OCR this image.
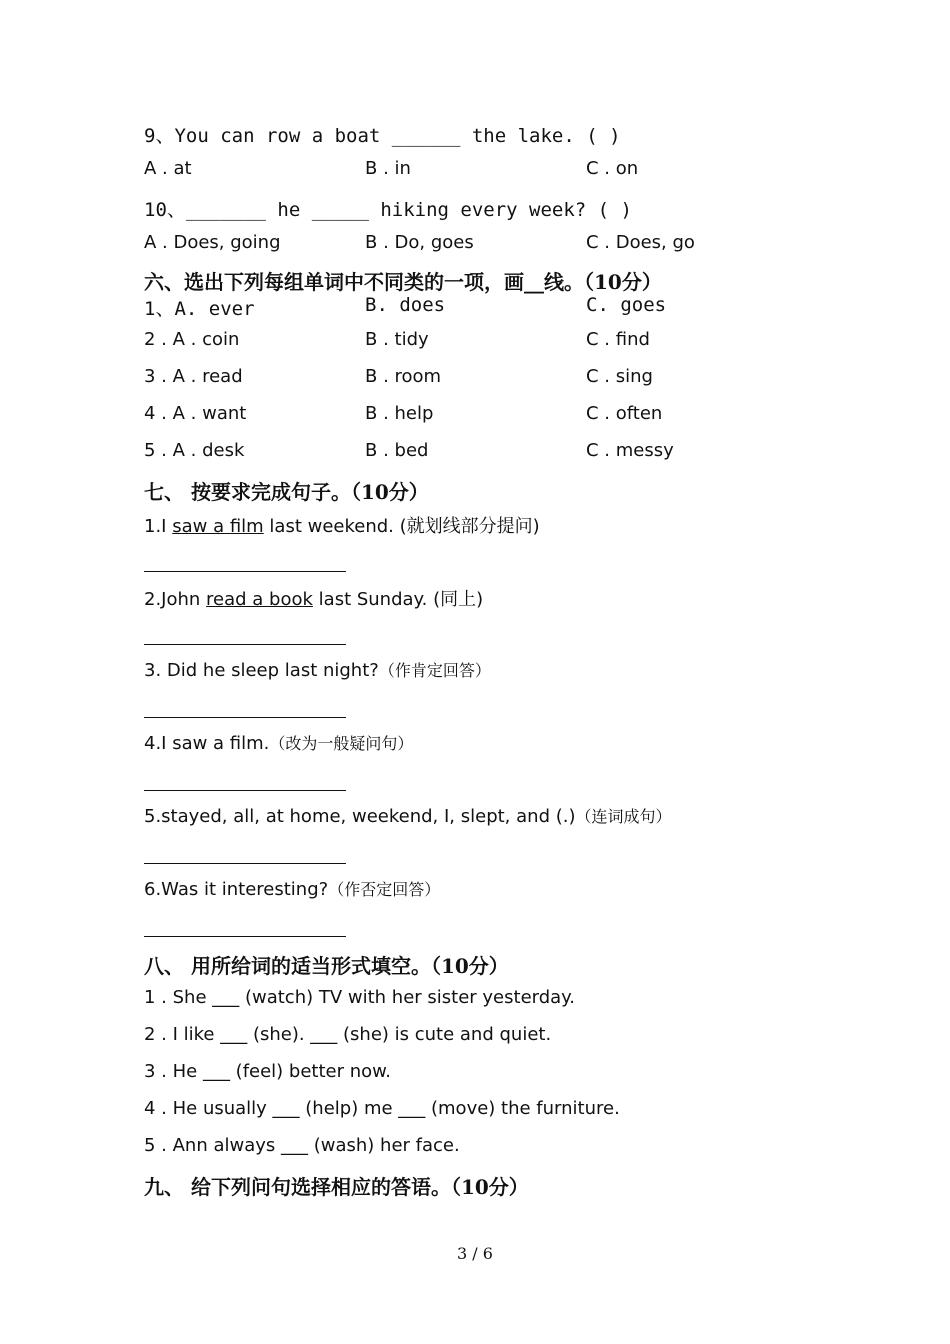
9、You can row a boat ______ the lake. ( )
A . at	B . in	C . on
10、_______ he _____ hiking every week? ( )
A . Does, going	B . Do, goes	C . Does, go
六、选出下列每组单词中不同类的一项，画__线。（10分）
1、A. ever	B. does	C. goes
2 . A . coin	B . tidy	C . find
3 . A . read	B . room	C . sing
4 . A . want	B . help	C . often
5 . A . desk	B . bed	C . messy
七、 按要求完成句子。（10分）
1.I saw a film last weekend. (就划线部分提问)
2.John read a book last Sunday. (同上)
3. Did he sleep last night?（作肯定回答）
4.I saw a film.（改为一般疑问句）
5.stayed, all, at home, weekend, I, slept, and (.)（连词成句）
6.Was it interesting?（作否定回答）
八、 用所给词的适当形式填空。（10分）
1 . She ___ (watch) TV with her sister yesterday.
2 . I like ___ (she). ___ (she) is cute and quiet.
3 . He ___ (feel) better now.
4 . He usually ___ (help) me ___ (move) the furniture.
5 . Ann always ___ (wash) her face.
九、 给下列问句选择相应的答语。（10分）
3 / 6
